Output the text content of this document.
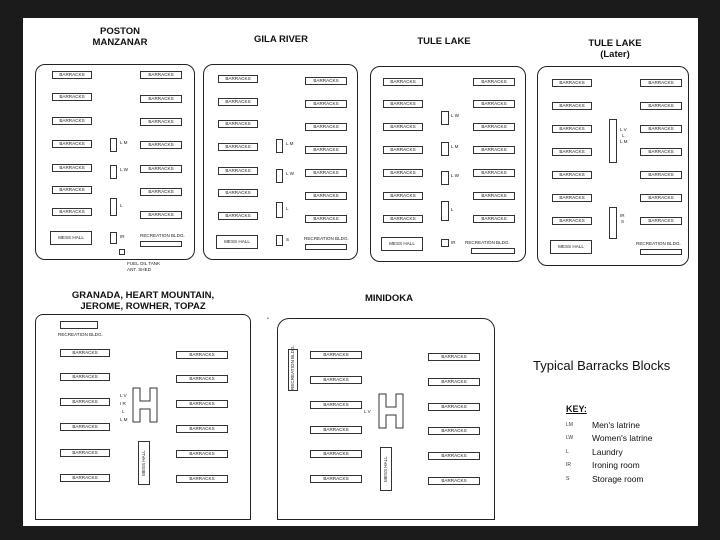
POSTON
MANZANAR
BARRACKS
BARRACKS
BARRACKS
BARRACKS
BARRACKS
BARRACKS
BARRACKS
BARRACKS
BARRACKS
BARRACKS
BARRACKS
BARRACKS
BARRACKS
BARRACKS
L M
L W
L
IR
MESS HALL	RECREATION BLDG.
FUEL OIL TANK
ANT. SHED
GILA RIVER
BARRACKS
BARRACKS
BARRACKS
BARRACKS
BARRACKS
BARRACKS
BARRACKS
BARRACKS
BARRACKS
BARRACKS
BARRACKS
BARRACKS
BARRACKS
BARRACKS
L M
L W
L
S
MESS HALL
RECREATION BLDG.
TULE LAKE
BARRACKS
BARRACKS
BARRACKS
BARRACKS
BARRACKS
BARRACKS
BARRACKS
BARRACKS
BARRACKS
BARRACKS
BARRACKS
BARRACKS
BARRACKS
BARRACKS
L W
L M
L W
L
MESS HALL	IR RECREATION BLDG.
TULE LAKE
(Later)
BARRACKS
BARRACKS
BARRACKS
BARRACKS
BARRACKS
BARRACKS
BARRACKS
BARRACKS
BARRACKS
BARRACKS
BARRACKS
BARRACKS
BARRACKS
BARRACKS
L V
L
L M
IR
S
MESS HALL
RECREATION BLDG.
GRANADA, HEART MOUNTAIN,
JEROME, ROWHER, TOPAZ
RECREATION BLDG.
BARRACKS
BARRACKS
BARRACKS
BARRACKS
BARRACKS
BARRACKS
BARRACKS
BARRACKS
BARRACKS
BARRACKS
BARRACKS
BARRACKS
L V
I R
L
L M
MESS HALL
MINIDOKA
•
RECREATION BLDG.	BARRACKS
BARRACKS
BARRACKS
BARRACKS
BARRACKS
BARRACKS
BARRACKS
BARRACKS
BARRACKS
BARRACKS
BARRACKS
BARRACKS
L V
MESS HALL
Typical Barracks Blocks
KEY:
LM	Men's latrine
LW	Women's latrine
L	Laundry
IR	Ironing room
S	Storage room
